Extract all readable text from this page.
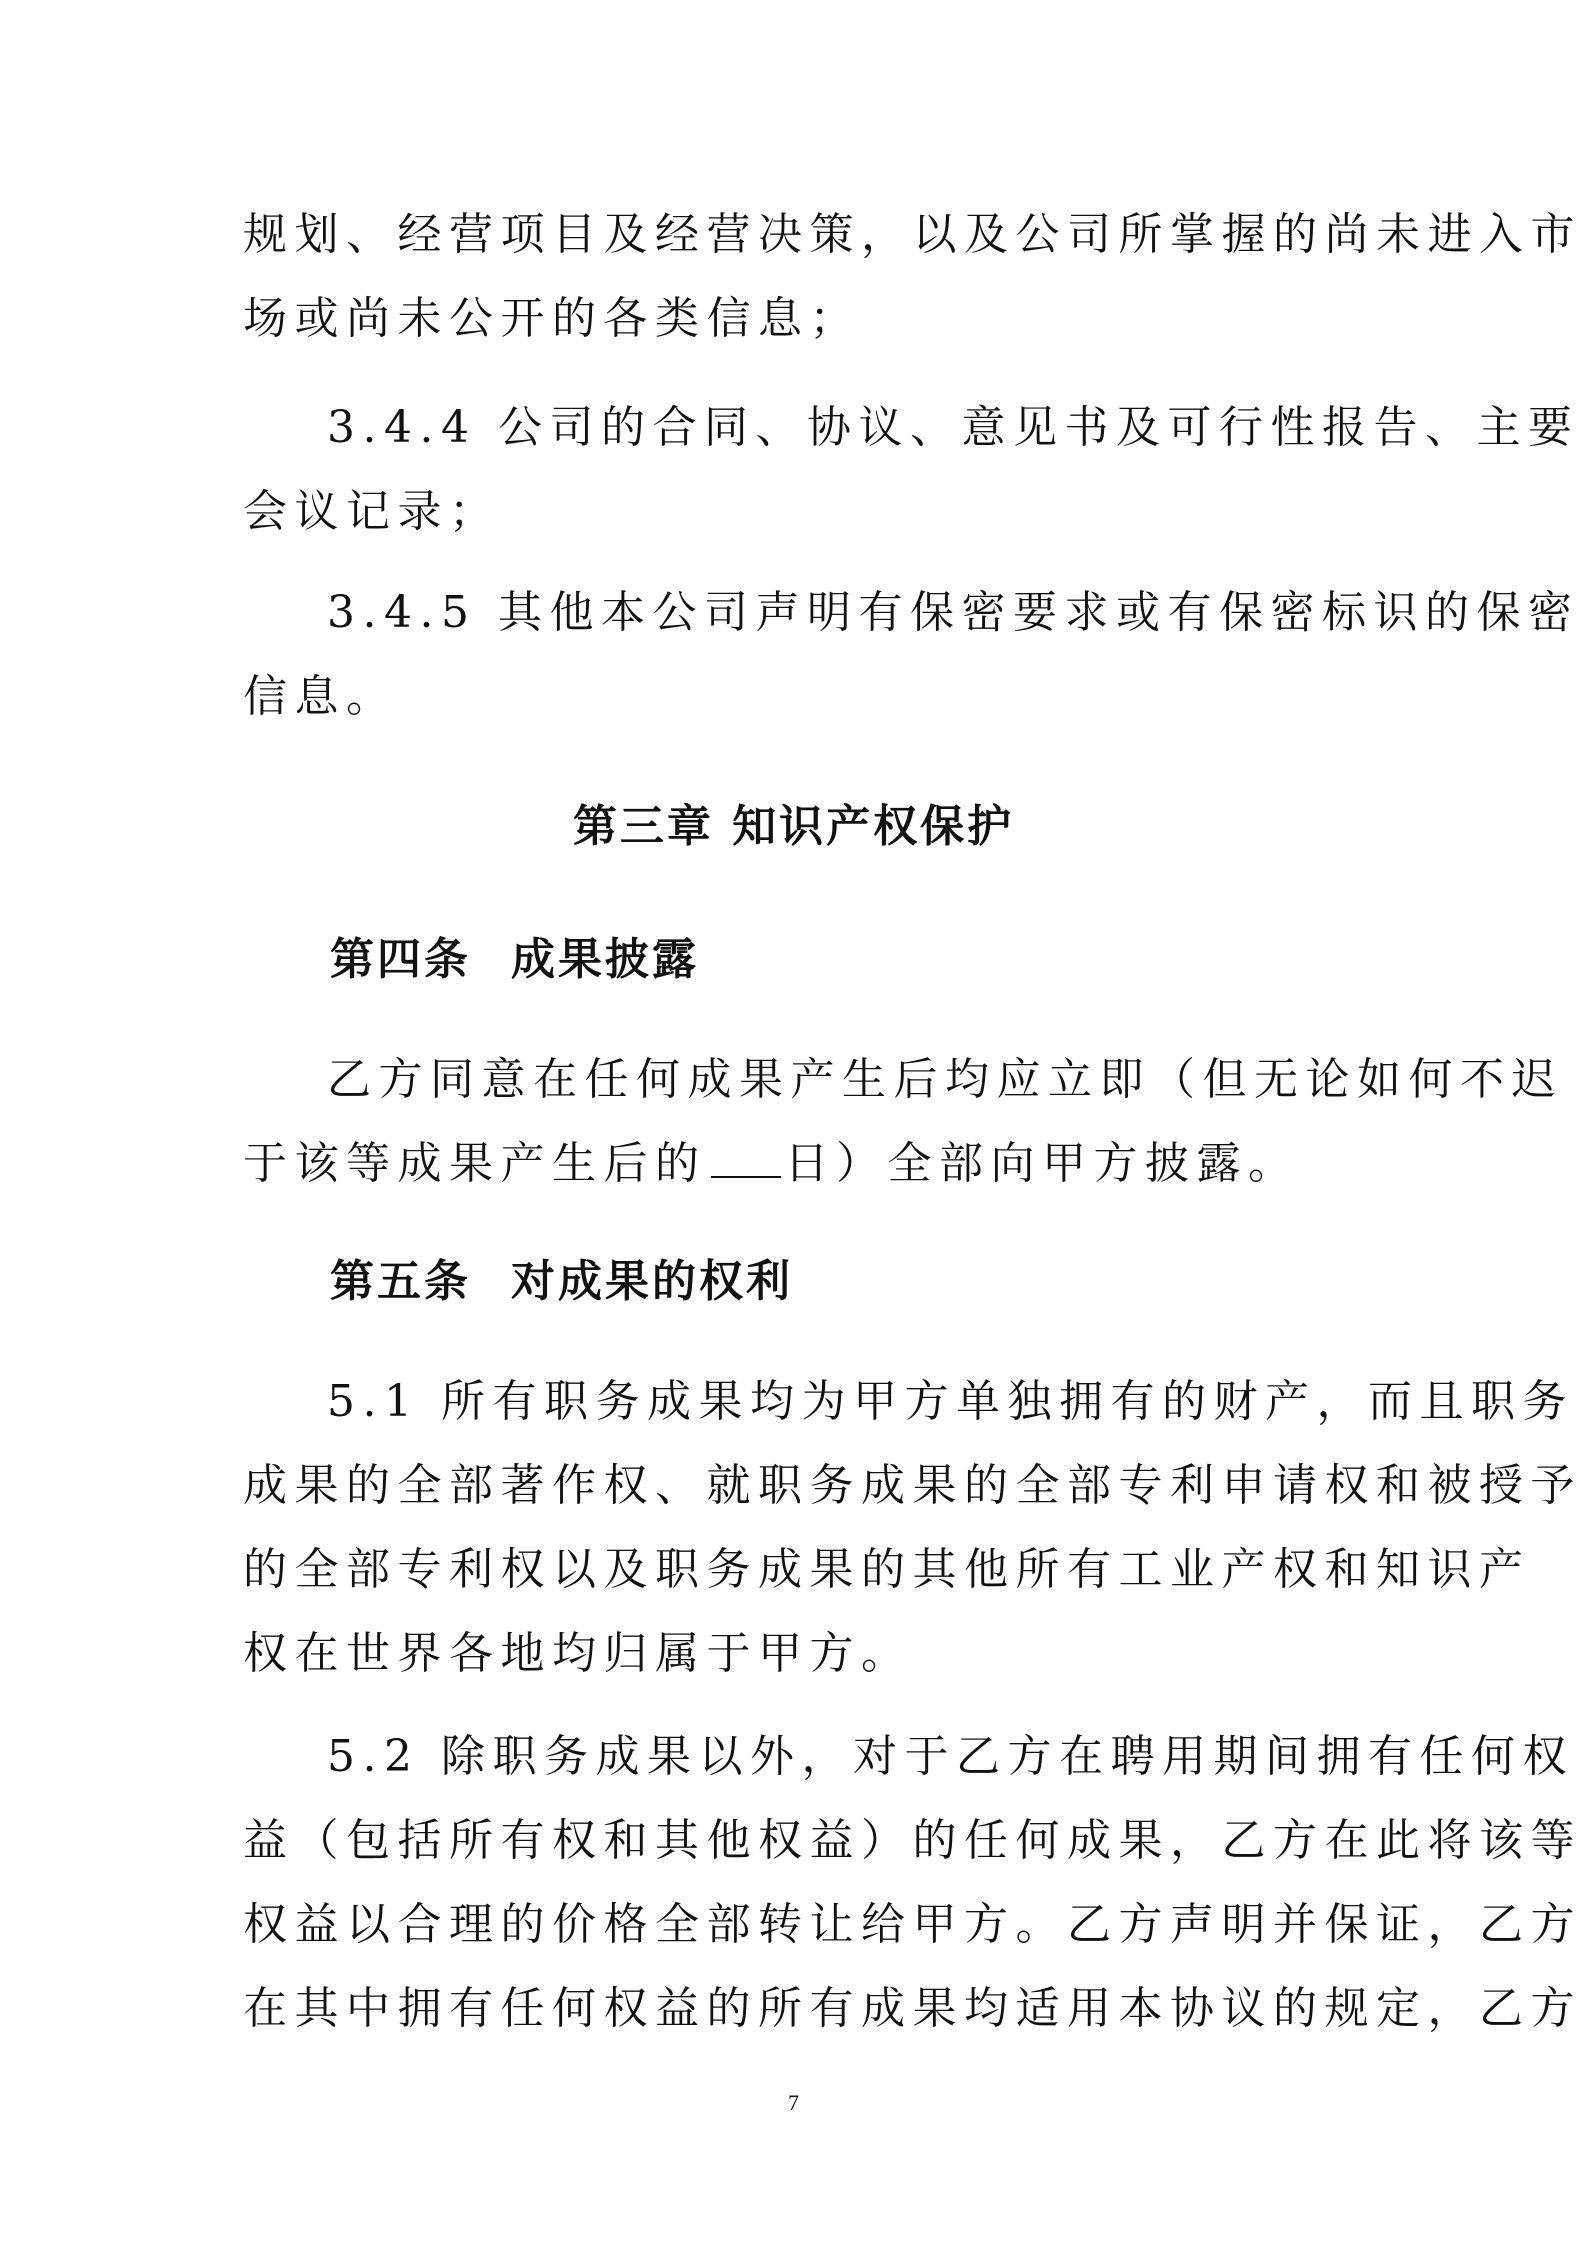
规划、经营项目及经营决策，以及公司所掌握的尚未进入市
场或尚未公开的各类信息；
3.4.4 公司的合同、协议、意见书及可行性报告、主要
会议记录；
3.4.5 其他本公司声明有保密要求或有保密标识的保密
信息。
第三章 知识产权保护
第四条 成果披露
乙方同意在任何成果产生后均应立即（但无论如何不迟
于该等成果产生后的 日）全部向甲方披露。
第五条 对成果的权利
5.1 所有职务成果均为甲方单独拥有的财产，而且职务
成果的全部著作权、就职务成果的全部专利申请权和被授予
的全部专利权以及职务成果的其他所有工业产权和知识产
权在世界各地均归属于甲方。
5.2 除职务成果以外，对于乙方在聘用期间拥有任何权
益（包括所有权和其他权益）的任何成果，乙方在此将该等
权益以合理的价格全部转让给甲方。乙方声明并保证，乙方
在其中拥有任何权益的所有成果均适用本协议的规定，乙方
7
